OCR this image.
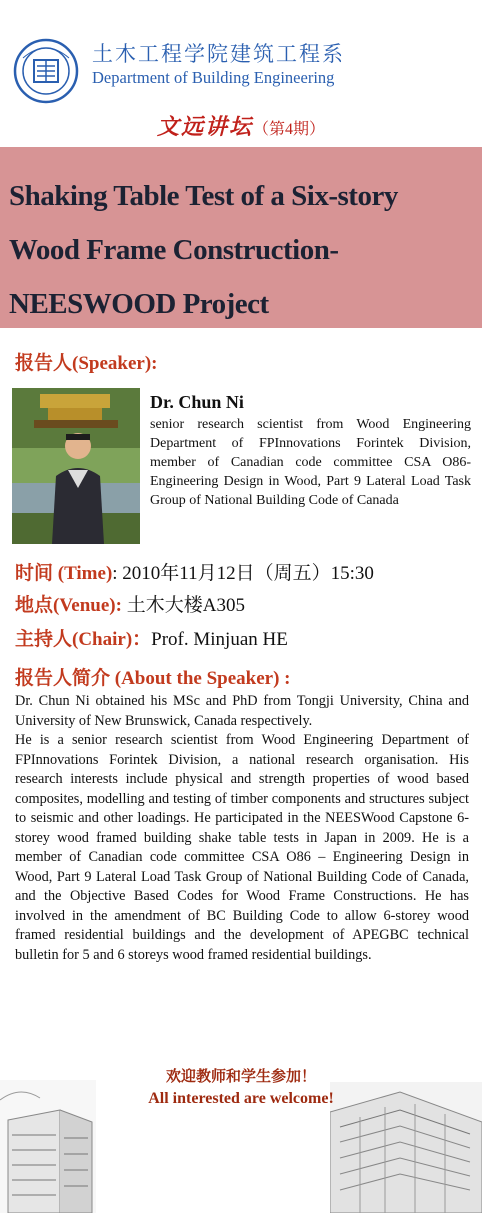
土木工程学院建筑工程系
Department of Building Engineering
文远讲坛（第4期）
Shaking Table Test of a Six-story
Wood Frame Construction-
NEESWOOD Project
报告人(Speaker):
Dr. Chun Ni
senior research scientist from Wood Engineering Department of FPInnovations Forintek Division, member of Canadian code committee CSA O86-Engineering Design in Wood, Part 9 Lateral Load Task Group of National Building Code of Canada
时间 (Time): 2010年11月12日（周五）15:30
地点(Venue): 土木大楼A305
主持人(Chair)：Prof. Minjuan HE
报告人简介 (About the Speaker) :

Dr. Chun Ni obtained his MSc and PhD from Tongji University, China and University of New Brunswick, Canada respectively.

He is a senior research scientist from Wood Engineering Department of FPInnovations Forintek Division, a national research organisation. His research interests include physical and strength properties of wood based composites, modelling and testing of timber components and structures subject to seismic and other loadings. He participated in the NEESWood Capstone 6-storey wood framed building shake table tests in Japan in 2009. He is a member of Canadian code committee CSA O86 – Engineering Design in Wood, Part 9 Lateral Load Task Group of National Building Code of Canada, and the Objective Based Codes for Wood Frame Constructions. He has involved in the amendment of BC Building Code to allow 6-storey wood framed residential buildings and the development of APEGBC technical bulletin for 5 and 6 storeys wood framed residential buildings.

欢迎教师和学生参加！
All interested are welcome!
